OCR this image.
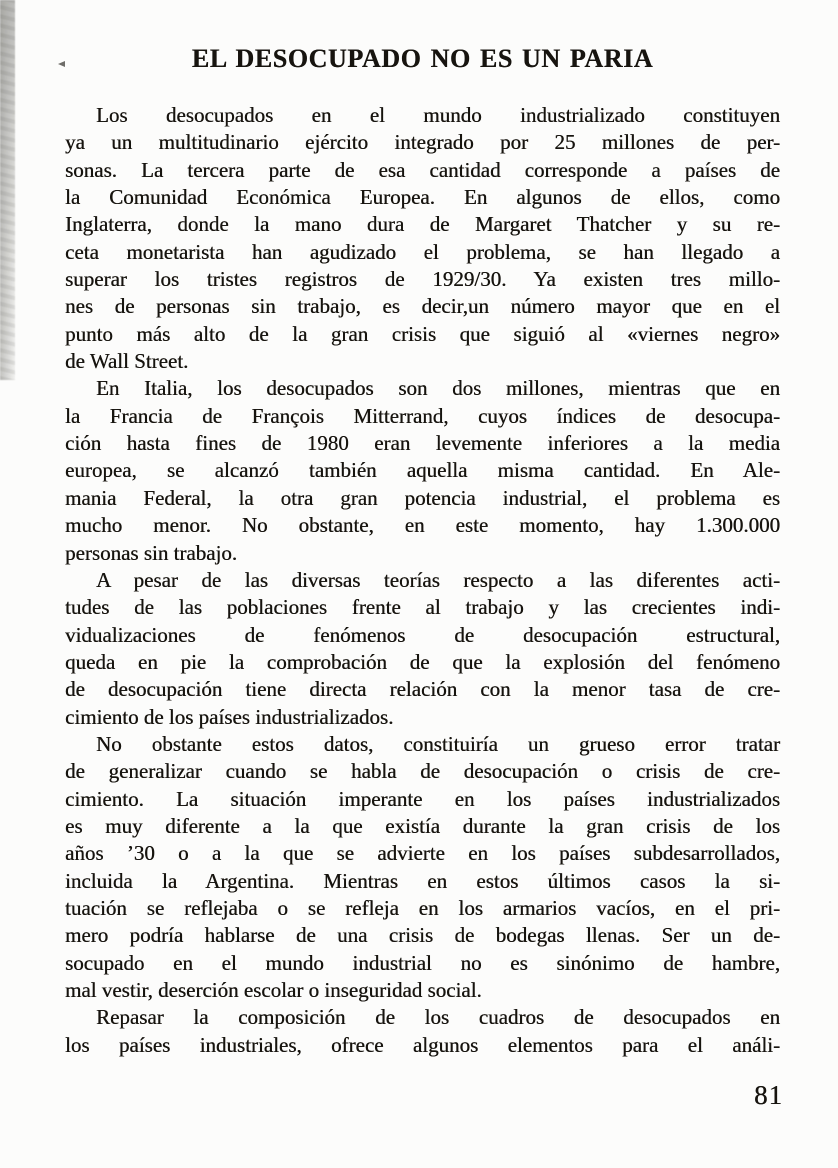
EL DESOCUPADO NO ES UN PARIA
Los desocupados en el mundo industrializado constituyen
ya un multitudinario ejército integrado por 25 millones de per-
sonas. La tercera parte de esa cantidad corresponde a países de
la Comunidad Económica Europea. En algunos de ellos, como
Inglaterra, donde la mano dura de Margaret Thatcher y su re-
ceta monetarista han agudizado el problema, se han llegado a
superar los tristes registros de 1929/30. Ya existen tres millo-
nes de personas sin trabajo, es decir,un número mayor que en el
punto más alto de la gran crisis que siguió al «viernes negro»
de Wall Street.
En Italia, los desocupados son dos millones, mientras que en
la Francia de François Mitterrand, cuyos índices de desocupa-
ción hasta fines de 1980 eran levemente inferiores a la media
europea, se alcanzó también aquella misma cantidad. En Ale-
mania Federal, la otra gran potencia industrial, el problema es
mucho menor. No obstante, en este momento, hay 1.300.000
personas sin trabajo.
A pesar de las diversas teorías respecto a las diferentes acti-
tudes de las poblaciones frente al trabajo y las crecientes indi-
vidualizaciones de fenómenos de desocupación estructural,
queda en pie la comprobación de que la explosión del fenómeno
de desocupación tiene directa relación con la menor tasa de cre-
cimiento de los países industrializados.
No obstante estos datos, constituiría un grueso error tratar
de generalizar cuando se habla de desocupación o crisis de cre-
cimiento. La situación imperante en los países industrializados
es muy diferente a la que existía durante la gran crisis de los
años ’30 o a la que se advierte en los países subdesarrollados,
incluida la Argentina. Mientras en estos últimos casos la si-
tuación se reflejaba o se refleja en los armarios vacíos, en el pri-
mero podría hablarse de una crisis de bodegas llenas. Ser un de-
socupado en el mundo industrial no es sinónimo de hambre,
mal vestir, deserción escolar o inseguridad social.
Repasar la composición de los cuadros de desocupados en
los países industriales, ofrece algunos elementos para el análi-
81
